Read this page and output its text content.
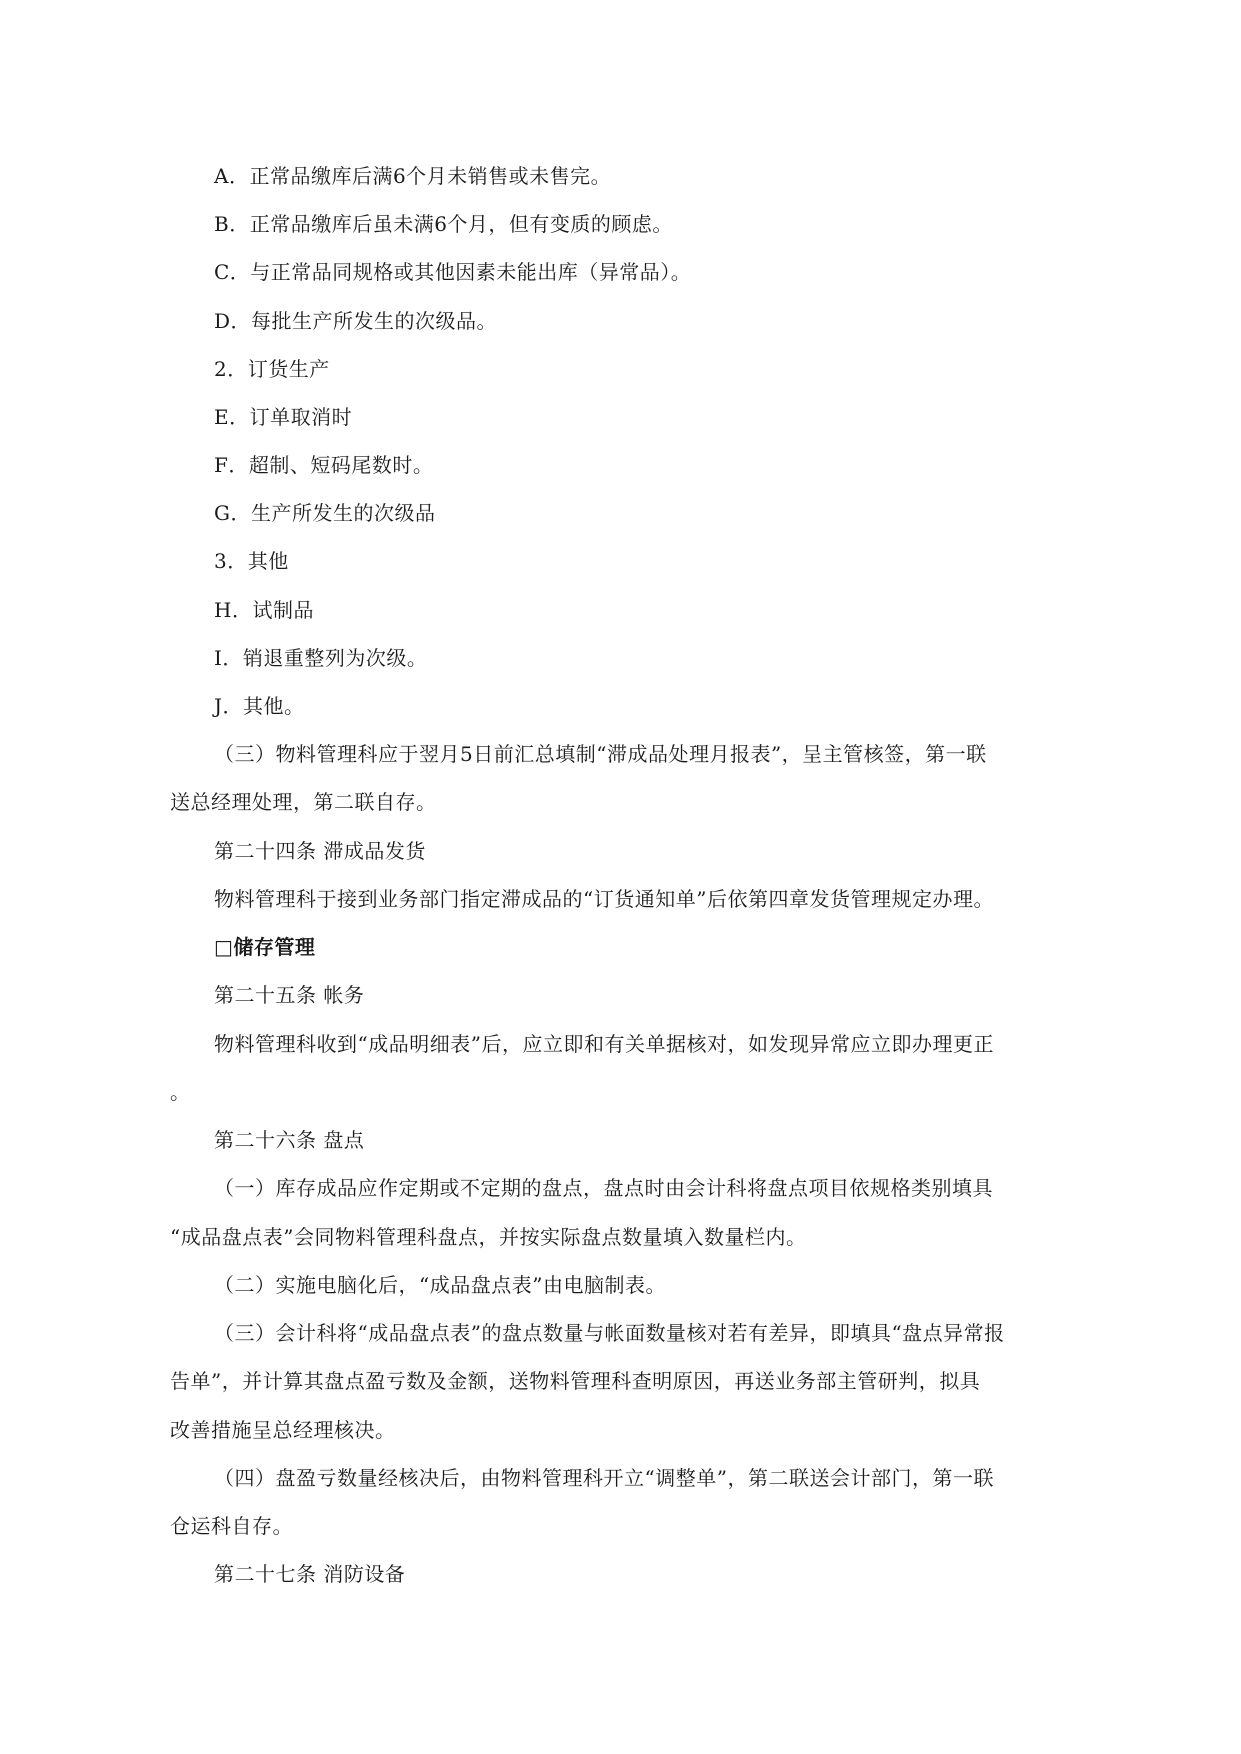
A．正常品缴库后满6个月未销售或未售完。
B．正常品缴库后虽未满6个月，但有变质的顾虑。
C．与正常品同规格或其他因素未能出库（异常品）。
D．每批生产所发生的次级品。
2．订货生产
E．订单取消时
F．超制、短码尾数时。
G．生产所发生的次级品
3．其他
H．试制品
I．销退重整列为次级。
J．其他。
（三）物料管理科应于翌月5日前汇总填制“滞成品处理月报表”，呈主管核签，第一联
送总经理处理，第二联自存。
第二十四条 滞成品发货
物料管理科于接到业务部门指定滞成品的“订货通知单”后依第四章发货管理规定办理。
□储存管理
第二十五条 帐务
物料管理科收到“成品明细表”后，应立即和有关单据核对，如发现异常应立即办理更正
。
第二十六条 盘点
（一）库存成品应作定期或不定期的盘点，盘点时由会计科将盘点项目依规格类别填具
“成品盘点表”会同物料管理科盘点，并按实际盘点数量填入数量栏内。
（二）实施电脑化后，“成品盘点表”由电脑制表。
（三）会计科将“成品盘点表”的盘点数量与帐面数量核对若有差异，即填具“盘点异常报
告单”，并计算其盘点盈亏数及金额，送物料管理科查明原因，再送业务部主管研判，拟具
改善措施呈总经理核决。
（四）盘盈亏数量经核决后，由物料管理科开立“调整单”，第二联送会计部门，第一联
仓运科自存。
第二十七条 消防设备
